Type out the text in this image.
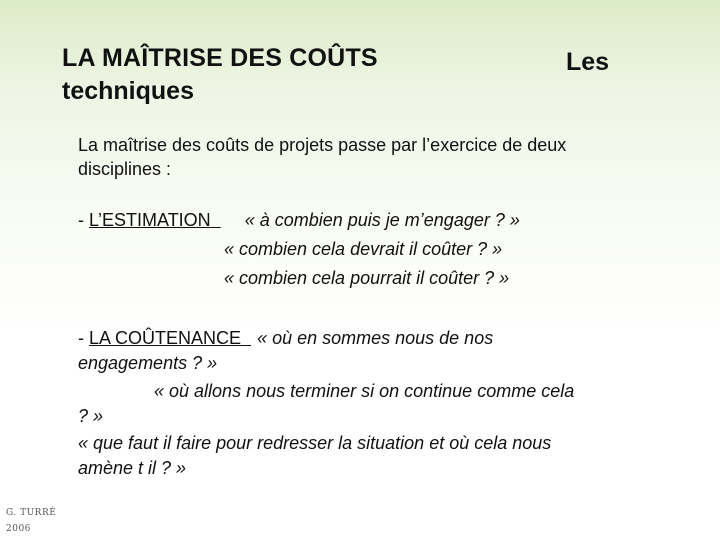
LA MAÎTRISE DES COÛTS	Les
techniques
La maîtrise des coûts de projets passe par l’exercice de deux
disciplines :
- L’ESTIMATION « à combien puis je m’engager ? »
« combien cela devrait il coûter ? »
« combien cela pourrait il coûter ? »
- LA COÛTENANCE « où en sommes nous de nos
engagements ? »
« où allons nous terminer si on continue comme cela
? »
« que faut il faire pour redresser la situation et où cela nous
amène t il ? »
G. TURRÉ
2006
